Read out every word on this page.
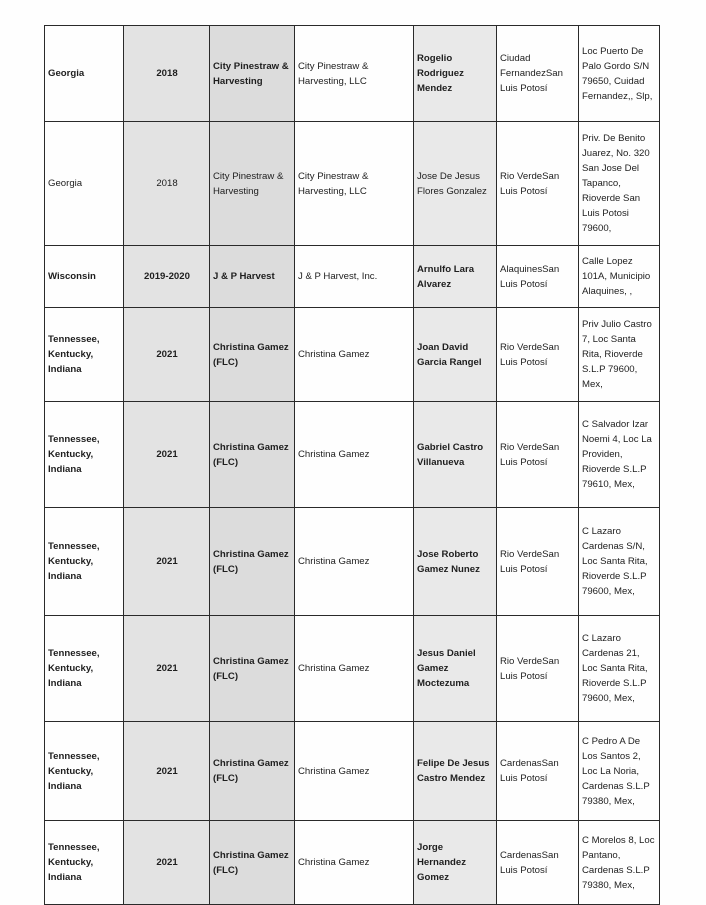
Georgia	2018	City Pinestraw & Harvesting	City Pinestraw & Harvesting, LLC	Rogelio Rodriguez Mendez	Ciudad FernandezSan Luis Potosí	Loc Puerto De Palo Gordo S/N 79650, Cuidad Fernandez,, Slp,
Georgia	2018	City Pinestraw & Harvesting	City Pinestraw & Harvesting, LLC	Jose De Jesus Flores Gonzalez	Rio VerdeSan Luis Potosí	Priv. De Benito Juarez, No. 320 San Jose Del Tapanco, Rioverde San Luis Potosi 79600,
Wisconsin	2019-2020	J & P Harvest	J & P Harvest, Inc.	Arnulfo Lara Alvarez	AlaquinesSan Luis Potosí	Calle Lopez 101A, Municipio Alaquines, ,
Tennessee, Kentucky, Indiana	2021	Christina Gamez (FLC)	Christina Gamez	Joan David Garcia Rangel	Rio VerdeSan Luis Potosí	Priv Julio Castro 7, Loc Santa Rita, Rioverde S.L.P 79600, Mex,
Tennessee, Kentucky, Indiana	2021	Christina Gamez (FLC)	Christina Gamez	Gabriel Castro Villanueva	Rio VerdeSan Luis Potosí	C Salvador Izar Noemi 4, Loc La Providen, Rioverde S.L.P 79610, Mex,
Tennessee, Kentucky, Indiana	2021	Christina Gamez (FLC)	Christina Gamez	Jose Roberto Gamez Nunez	Rio VerdeSan Luis Potosí	C Lazaro Cardenas S/N, Loc Santa Rita, Rioverde S.L.P 79600, Mex,
Tennessee, Kentucky, Indiana	2021	Christina Gamez (FLC)	Christina Gamez	Jesus Daniel Gamez Moctezuma	Rio VerdeSan Luis Potosí	C Lazaro Cardenas 21, Loc Santa Rita, Rioverde S.L.P 79600, Mex,
Tennessee, Kentucky, Indiana	2021	Christina Gamez (FLC)	Christina Gamez	Felipe De Jesus Castro Mendez	CardenasSan Luis Potosí	C Pedro A De Los Santos 2, Loc La Noria, Cardenas S.L.P 79380, Mex,
Tennessee, Kentucky, Indiana	2021	Christina Gamez (FLC)	Christina Gamez	Jorge Hernandez Gomez	CardenasSan Luis Potosí	C Morelos 8, Loc Pantano, Cardenas S.L.P 79380, Mex,
